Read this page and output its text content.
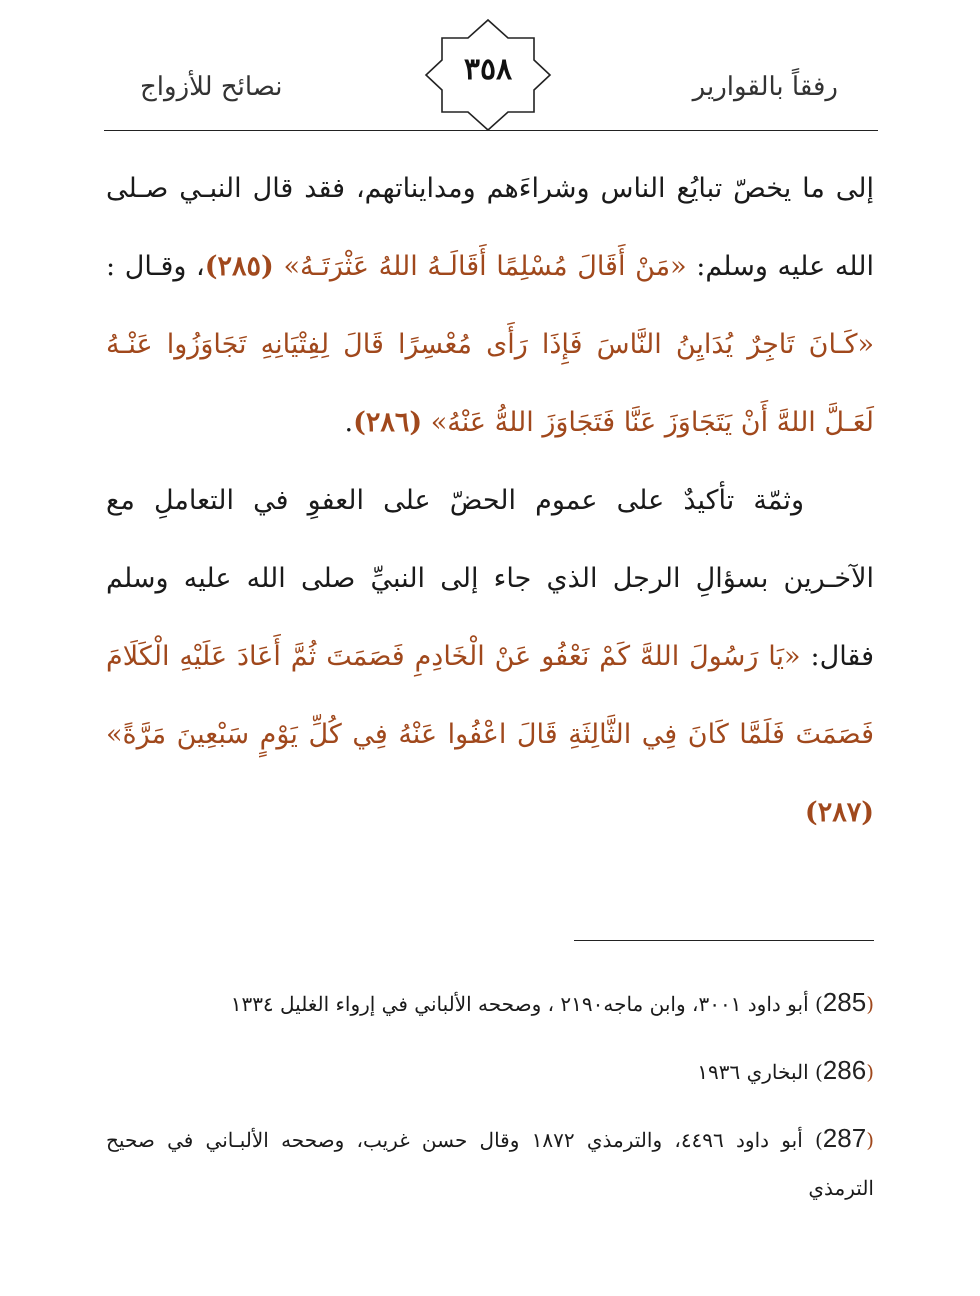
نصائح للأزواج	٣٥٨	رفقاً بالقوارير

إلى ما يخصّ تبايُع الناس وشراءَهم ومدايناتهم، فقد قال النبـي صـلى الله عليه وسلم: «مَنْ أَقَالَ مُسْلِمًا أَقَالَـهُ اللهُ عَثْرَتَـهُ» (٢٨٥)، وقـال : «كَـانَ تَاجِرٌ يُدَايِنُ النَّاسَ فَإِذَا رَأَى مُعْسِرًا قَالَ لِفِتْيَانِهِ تَجَاوَزُوا عَنْـهُ لَعَـلَّ اللهَّ أَنْ يَتَجَاوَزَ عَنَّا فَتَجَاوَزَ اللهُّ عَنْهُ» (٢٨٦).

وثمّة تأكيدٌ على عموم الحضّ على العفوِ في التعاملِ مع الآخـرين بسؤالِ الرجل الذي جاء إلى النبيِّ صلى الله عليه وسلم فقال: «يَا رَسُولَ اللهَّ كَمْ نَعْفُو عَنْ الْخَادِمِ فَصَمَتَ ثُمَّ أَعَادَ عَلَيْهِ الْكَلَامَ فَصَمَتَ فَلَمَّا كَانَ فِي الثَّالِثَةِ قَالَ اعْفُوا عَنْهُ فِي كُلِّ يَوْمٍ سَبْعِينَ مَرَّةً» (٢٨٧)

(285) أبو داود ٣٠٠١، وابن ماجه٢١٩٠ ، وصححه الألباني في إرواء الغليل ١٣٣٤

(286) البخاري ١٩٣٦

(287) أبو داود ٤٤٩٦، والترمذي ١٨٧٢ وقال حسن غريب، وصححه الألبـاني في صحيح الترمذي
